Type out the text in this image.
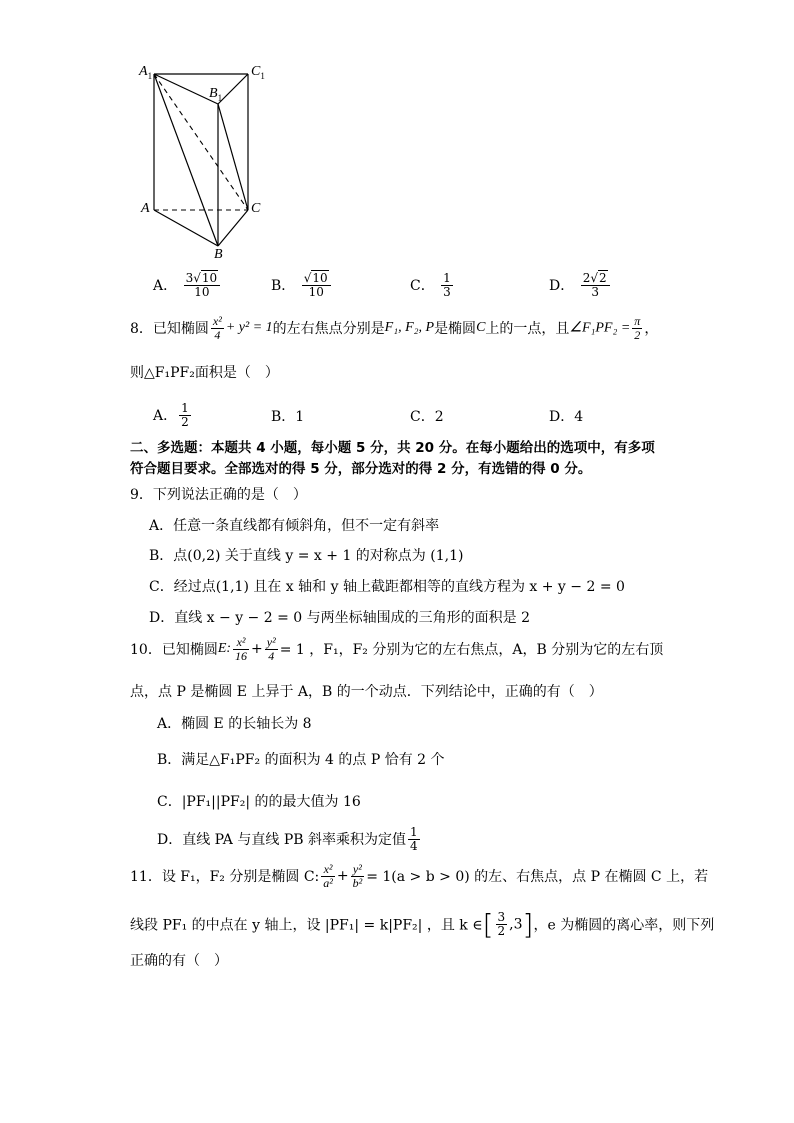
$A_1$	$C_1$
$B_1$
A	C
B
A． $\frac{3√10}{10}$	B． $\frac{√10}{10}$	C． $\frac{1}{3}$	D． $\frac{2√2}{3}$
8．已知椭圆 $\frac{\text{x²}}{4} + y^2 = 1$的左右焦点分别是F₁, F₂, P是椭圆C上的一点，且∠F₁PF₂ = $\frac{\pi}{2}$ ，
则△F₁PF₂面积是（　）
A． $\frac{1}{2}$	B．1	C．2	D．4
二、多选题：本题共 4 小题，每小题 5 分，共 20 分。在每小题给出的选项中，有多项
符合题目要求。全部选对的得 5 分，部分选对的得 2 分，有选错的得 0 分。
9．下列说法正确的是（　）
A．任意一条直线都有倾斜角，但不一定有斜率
B．点(0,2) 关于直线 y = x + 1 的对称点为 (1,1)
C．经过点(1,1) 且在 x 轴和 y 轴上截距都相等的直线方程为 x + y − 2 = 0
D．直线 x − y − 2 = 0 与两坐标轴围成的三角形的面积是 2
10．已知椭圆E: $\frac{\text{x²}}{16} + \frac{\text{y²}}{4} = 1$ ，F₁，F₂ 分别为它的左右焦点，A，B 分别为它的左右顶
点，点 P 是椭圆 E 上异于 A，B 的一个动点．下列结论中，正确的有（　）
A．椭圆 E 的长轴长为 8
B．满足△F₁PF₂ 的面积为 4 的点 P 恰有 2 个
C．|PF₁||PF₂| 的的最大值为 16
D．直线 PA 与直线 PB 斜率乘积为定值 $\frac{1}{4}$
11．设 F₁，F₂ 分别是椭圆 C: $\frac{\text{x²}}{\text{a²}} + \frac{\text{y²}}{\text{b²}} = 1(a > b > 0)$ 的左、右焦点，点 P 在椭圆 C 上，若
线段 PF₁ 的中点在 y 轴上，设 |PF₁| = k|PF₂| ，且 k ∈[ $\frac{3}{2} ,3$]，e 为椭圆的离心率，则下列
正确的有（　）
